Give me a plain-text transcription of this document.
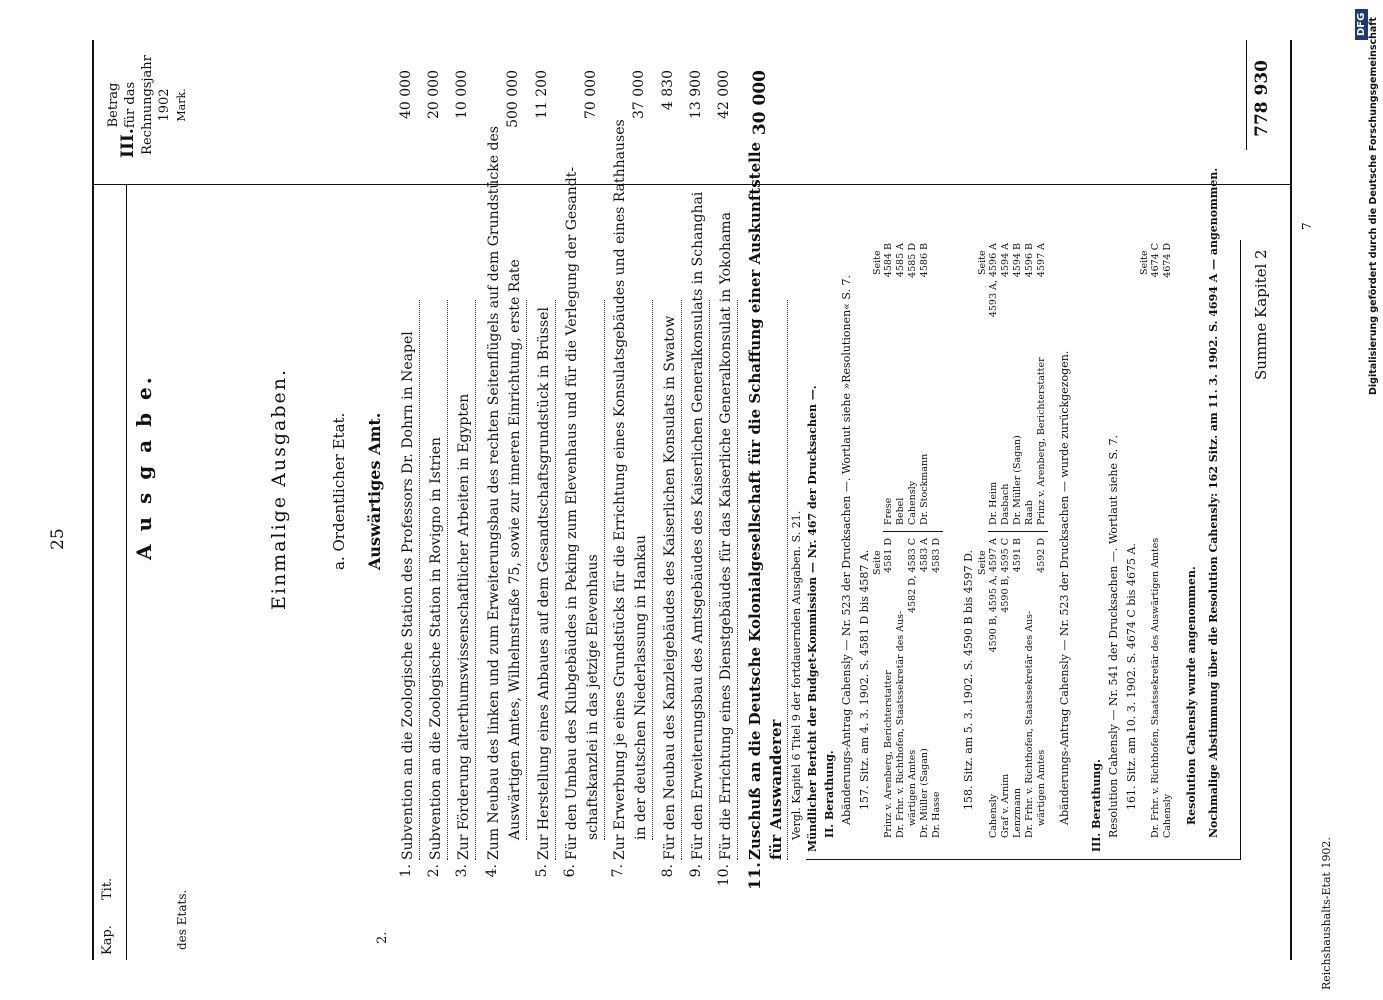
25
III.
Kap.
Tit.
des Etats.
Betrag für das Rechnungsjahr 1902 Mark.
A u s g a b e.	Einmalige Ausgaben.	a. Ordentlicher Etat. Auswärtiges Amt.
2.
1.
Subvention an die Zoologische Station des Professors Dr. Dohrn in Neapel
40 000
2.
Subvention an die Zoologische Station in Rovigno in Istrien
20 000
3.
Zur Förderung alterthumswissenschaftlicher Arbeiten in Egypten
10 000
4.
Zum Neubau des linken und zum Erweiterungsbau des rechten Seitenflügels auf dem Grundstücke des Auswärtigen Amtes, Wilhelmstraße 75, sowie zur inneren Einrichtung, erste Rate
500 000
5.
Zur Herstellung eines Anbaues auf dem Gesandtschaftsgrundstück in Brüssel
11 200
6.
Für den Umbau des Klubgebäudes in Peking zum Elevenhaus und für die Verlegung der Gesandt- schaftskanzlei in das jetzige Elevenhaus
70 000
7.
Zur Erwerbung je eines Grundstücks für die Errichtung eines Konsulatsgebäudes und eines Rathhauses in der deutschen Niederlassung in Hankau
37 000
8.
Für den Neubau des Kanzleigebäudes des Kaiserlichen Konsulats in Swatow
4 830
9.
Für den Erweiterungsbau des Amtsgebäudes des Kaiserlichen Generalkonsulats in Schanghai
13 900
10.
Für die Errichtung eines Dienstgebäudes für das Kaiserliche Generalkonsulat in Yokohama
42 000
11.
Zuschuß an die Deutsche Kolonialgesellschaft für die Schaffung einer Auskunftstelle für Auswanderer
30 000
Vergl. Kapitel 6 Titel 9 der fortdauernden Ausgaben. S. 21. Mündlicher Bericht der Budget-Kommission — Nr. 467 der Drucksachen —. II. Berathung. Abänderungs-Antrag Cahensly — Nr. 523 der Drucksachen —. Wortlaut siehe »Resolutionen« S. 7. 157. Sitz. am 4. 3. 1902. S. 4581 D bis 4587 A. Seite
Seite
Prinz v. Arenberg, Berichterstatter
4581 D
Dr. Frhr. v. Richthofen, Staatssekretär des Aus- wärtigen Amtes
4582 D, 4583 C
Dr. Müller (Sagan)
4583 A
Dr. Hasse
4583 D
Frese
4584 B
Bebel
4585 A
Cahensly
4585 D
Dr. Stockmann
4586 B
158. Sitz. am 5. 3. 1902. S. 4590 B bis 4597 D. Seite
Seite
Cahensly
4590 B, 4595 A, 4597 A
Graf v. Arnim
4590 B, 4595 C
Lenzmann
4591 B
Dr. Frhr. v. Richthofen, Staatssekretär des Aus- wärtigen Amtes
4592 D
Dr. Heim
4593 A, 4596 A
Dasbach
4594 A
Dr. Müller (Sagan)
4594 B
Raab
4596 B
Prinz v. Arenberg, Berichterstatter
4597 A
Abänderungs-Antrag Cahensly — Nr. 523 der Drucksachen — wurde zurückgezogen. III. Berathung. Resolution Cahensly — Nr. 541 der Drucksachen —. Wortlaut siehe S. 7. 161. Sitz. am 10. 3. 1902. S. 4674 C bis 4675 A.
Seite
Dr. Frhr. v. Richthofen, Staatssekretär des Auswärtigen Amtes
4674 C
Cahensly
4674 D
Resolution Cahensly wurde angenommen. Nochmalige Abstimmung über die Resolution Cahensly: 162 Sitz. am 11. 3. 1902. S. 4694 A — angenommen. Summe Kapitel 2
778 930
7
Reichshaushalts-Etat 1902.
DFG Digitalisierung gefördert durch die Deutsche Forschungsgemeinschaft
